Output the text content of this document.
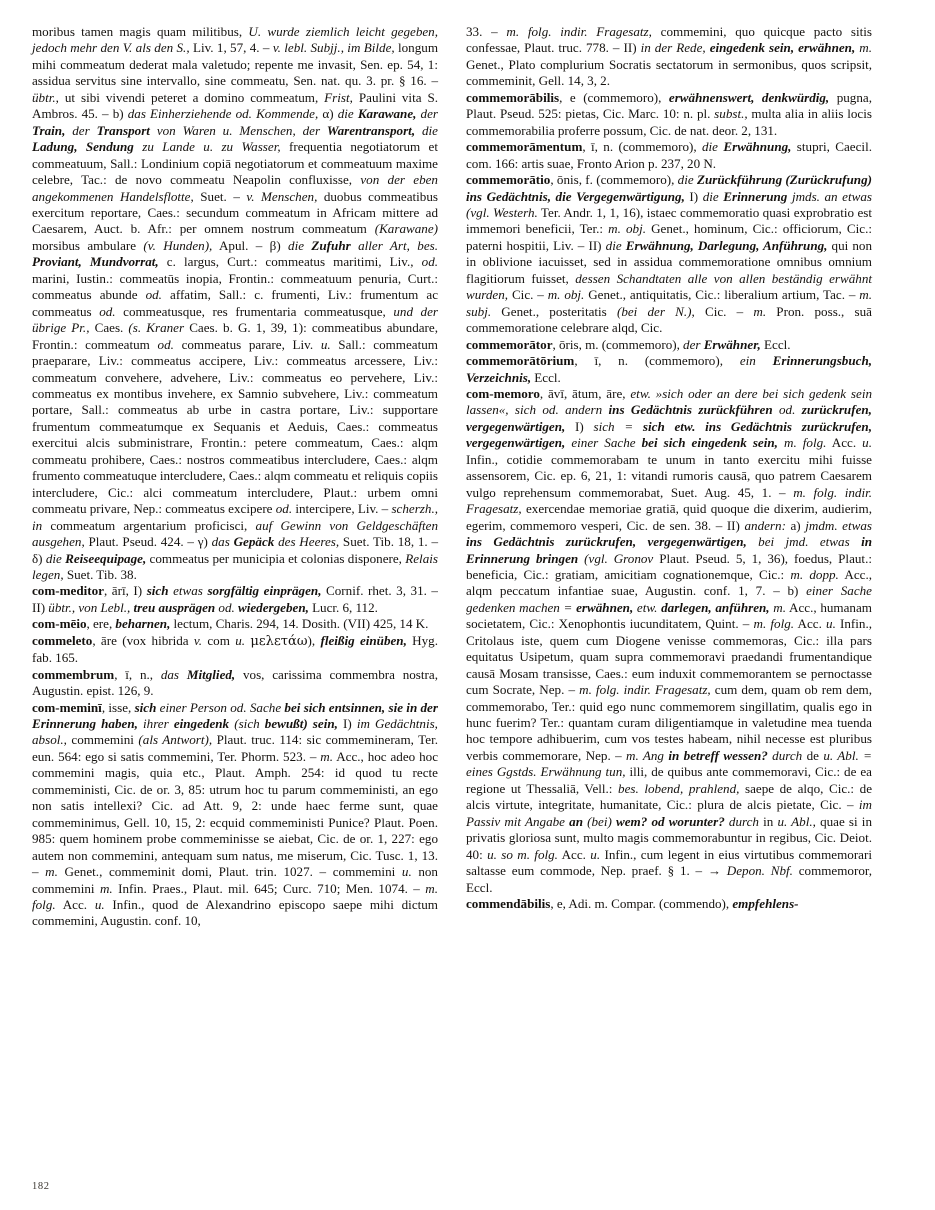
moribus tamen magis quam militibus, U. wurde ziemlich leicht gegeben, jedoch mehr den V. als den S., Liv. 1, 57, 4. – v. lebl. Subjj., im Bilde, longum mihi commeatum dederat mala valetudo; repente me invasit, Sen. ep. 54, 1: assidua servitus sine intervallo, sine commeatu, Sen. nat. qu. 3. pr. § 16. – übtr., ut sibi vivendi peteret a domino commeatum, Frist, Paulini vita S. Ambros. 45. – b) das Einherziehende od. Kommende, α) die Karawane, der Train, der Transport von Waren u. Menschen, der Warentransport, die Ladung, Sendung zu Lande u. zu Wasser, frequentia negotiatorum et commeatuum, Sall.: Londinium copiā negotiatorum et commeatuum maxime celebre, Tac.: de novo commeatu Neapolin confluxisse, von der eben angekommenen Handelsflotte, Suet. – v. Menschen, duobus commeatibus exercitum reportare, Caes.: secundum commeatum in Africam mittere ad Caesarem, Auct. b. Afr.: per omnem nostrum commeatum (Karawane) morsibus ambulare (v. Hunden), Apul. – β) die Zufuhr aller Art, bes. Proviant, Mundvorrat, c. largus, Curt.: commeatus maritimi, Liv., od. marini, Iustin.: commeatūs inopia, Frontin.: commeatuum penuria, Curt.: commeatus abunde od. affatim, Sall.: c. frumenti, Liv.: frumentum ac commeatus od. commeatusque, res frumentaria commeatusque, und der übrige Pr., Caes. (s. Kraner Caes. b. G. 1, 39, 1): commeatibus abundare, Frontin.: commeatum od. commeatus parare, Liv. u. Sall.: commeatum praeparare, Liv.: commeatus accipere, Liv.: commeatus arcessere, Liv.: commeatum convehere, advehere, Liv.: commeatus eo pervehere, Liv.: commeatus ex montibus invehere, ex Samnio subvehere, Liv.: commeatum portare, Sall.: commeatus ab urbe in castra portare, Liv.: supportare frumentum commeatumque ex Sequanis et Aeduis, Caes.: commeatus exercitui alcis subministrare, Frontin.: petere commeatum, Caes.: alqm commeatu prohibere, Caes.: nostros commeatibus intercludere, Caes.: alqm frumento commeatuque intercludere, Caes.: alqm commeatu et reliquis copiis intercludere, Cic.: alci commeatum intercludere, Plaut.: urbem omni commeatu privare, Nep.: commeatus excipere od. intercipere, Liv. – scherzh., in commeatum argentarium proficisci, auf Gewinn von Geldgeschäften ausgehen, Plaut. Pseud. 424. – γ) das Gepäck des Heeres, Suet. Tib. 18, 1. – δ) die Reiseequipage, commeatus per municipia et colonias disponere, Relais legen, Suet. Tib. 38.

com-meditor, ārī, I) sich etwas sorgfältig einprägen, Cornif. rhet. 3, 31. – II) übtr., von Lebl., treu ausprägen od. wiedergeben, Lucr. 6, 112.

com-mēio, ere, beharnen, lectum, Charis. 294, 14. Dosith. (VII) 425, 14 K.

commeleto, āre (vox hibrida v. com u. μελετάω), fleißig einüben, Hyg. fab. 165.

commembrum, ī, n., das Mitglied, vos, carissima commembra nostra, Augustin. epist. 126, 9.

com-meminī, isse, sich einer Person od. Sache bei sich entsinnen, sie in der Erinnerung haben, ihrer eingedenk (sich bewußt) sein, I) im Gedächtnis, absol., commemini (als Antwort), Plaut. truc. 114: sic commemineram, Ter. eun. 564: ego si satis commemini, Ter. Phorm. 523. – m. Acc., hoc adeo hoc commemini magis, quia etc., Plaut. Amph. 254: id quod tu recte commeministi, Cic. de or. 3, 85: utrum hoc tu parum commeministi, an ego non satis intellexi? Cic. ad Att. 9, 2: unde haec ferme sunt, quae commeminimus, Gell. 10, 15, 2: ecquid commeministi Punice? Plaut. Poen. 985: quem hominem probe commeminisse se aiebat, Cic. de or. 1, 227: ego autem non commemini, antequam sum natus, me miserum, Cic. Tusc. 1, 13. – m. Genet., commeminit domi, Plaut. trin. 1027. – commemini u. non commemini m. Infin. Praes., Plaut. mil. 645; Curc. 710; Men. 1074. – m. folg. Acc. u. Infin., quod de Alexandrino episcopo saepe mihi dictum commemini, Augustin. conf. 10,

33. – m. folg. indir. Fragesatz, commemini, quo quicque pacto sitis confessae, Plaut. truc. 778. – II) in der Rede, eingedenk sein, erwähnen, m. Genet., Plato complurium Socratis sectatorum in sermonibus, quos scripsit, commeminit, Gell. 14, 3, 2.

commemorābilis, e (commemoro), erwähnenswert, denkwürdig, pugna, Plaut. Pseud. 525: pietas, Cic. Marc. 10: n. pl. subst., multa alia in aliis locis commemorabilia proferre possum, Cic. de nat. deor. 2, 131.

commemorāmentum, ī, n. (commemoro), die Erwähnung, stupri, Caecil. com. 166: artis suae, Fronto Arion p. 237, 20 N.

commemorātio, ōnis, f. (commemoro), die Zurückführung (Zurückrufung) ins Gedächtnis, die Vergegenwärtigung, I) die Erinnerung jmds. an etwas (vgl. Westerh. Ter. Andr. 1, 1, 16), istaec commemoratio quasi exprobratio est immemori beneficii, Ter.: m. obj. Genet., hominum, Cic.: officiorum, Cic.: paterni hospitii, Liv. – II) die Erwähnung, Darlegung, Anführung, qui non in oblivione iacuisset, sed in assidua commemoratione omnibus omnium flagitiorum fuisset, dessen Schandtaten alle von allen beständig erwähnt wurden, Cic. – m. obj. Genet., antiquitatis, Cic.: liberalium artium, Tac. – m. subj. Genet., posteritatis (bei der N.), Cic. – m. Pron. poss., suā commemoratione celebrare alqd, Cic.

commemorātor, ōris, m. (commemoro), der Erwähner, Eccl.

commemorātōrium, ī, n. (commemoro), ein Erinnerungsbuch, Verzeichnis, Eccl.

com-memoro, āvī, ātum, āre, etw. »sich oder an dere bei sich gedenk sein lassen«, sich od. andern ins Gedächtnis zurückführen od. zurückrufen, vergegenwärtigen, I) sich = sich etw. ins Gedächtnis zurückrufen, vergegenwärtigen, einer Sache bei sich eingedenk sein, m. folg. Acc. u. Infin., cotidie commemorabam te unum in tanto exercitu mihi fuisse assensorem, Cic. ep. 6, 21, 1: vitandi rumoris causā, quo patrem Caesarem vulgo reprehensum commemorabat, Suet. Aug. 45, 1. – m. folg. indir. Fragesatz, exercendae memoriae gratiā, quid quoque die dixerim, audierim, egerim, commemoro vesperi, Cic. de sen. 38. – II) andern: a) jmdm. etwas ins Gedächtnis zurückrufen, vergegenwärtigen, bei jmd. etwas in Erinnerung bringen (vgl. Gronov Plaut. Pseud. 5, 1, 36), foedus, Plaut.: beneficia, Cic.: gratiam, amicitiam cognationemque, Cic.: m. dopp. Acc., alqm peccatum infantiae suae, Augustin. conf. 1, 7. – b) einer Sache gedenken machen = erwähnen, etw. darlegen, anführen, m. Acc., humanam societatem, Cic.: Xenophontis iucunditatem, Quint. – m. folg. Acc. u. Infin., Critolaus iste, quem cum Diogene venisse commemoras, Cic.: illa pars equitatus Usipetum, quam supra commemoravi praedandi frumentandique causā Mosam transisse, Caes.: eum induxit commemorantem se pernoctasse cum Socrate, Nep. – m. folg. indir. Fragesatz, cum dem, quam ob rem dem, commemorabo, Ter.: quid ego nunc commemorem singillatim, qualis ego in hunc fuerim? Ter.: quantam curam diligentiamque in valetudine mea tuenda hoc tempore adhibuerim, cum vos testes habeam, nihil necesse est pluribus verbis commemorare, Nep. – m. Ang in betreff wessen? durch de u. Abl. = eines Ggstds. Erwähnung tun, illi, de quibus ante commemoravi, Cic.: de ea regione ut Thessaliā, Vell.: bes. lobend, prahlend, saepe de alqo, Cic.: de alcis virtute, integritate, humanitate, Cic.: plura de alcis pietate, Cic. – im Passiv mit Angabe an (bei) wem? od worunter? durch in u. Abl., quae si in privatis gloriosa sunt, multo magis commemorabuntur in regibus, Cic. Deiot. 40: u. so m. folg. Acc. u. Infin., cum legent in eius virtutibus commemorari saltasse eum commode, Nep. praef. § 1. – → Depon. Nbf. commemoror, Eccl.

commendābilis, e, Adi. m. Compar. (commendo), empfehlens-

182
